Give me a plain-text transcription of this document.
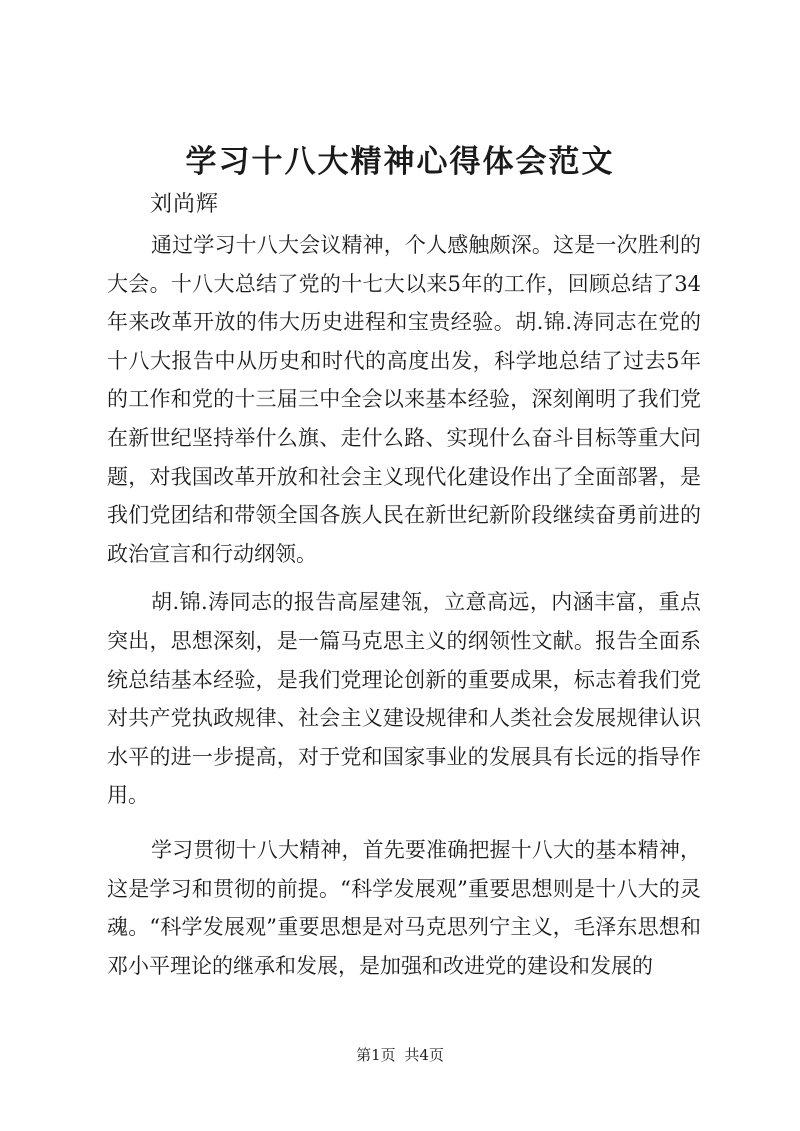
学习十八大精神心得体会范文

刘尚辉

通过学习十八大会议精神，个人感触颇深。这是一次胜利的大会。十八大总结了党的十七大以来5年的工作，回顾总结了34年来改革开放的伟大历史进程和宝贵经验。胡.锦.涛同志在党的十八大报告中从历史和时代的高度出发，科学地总结了过去5年的工作和党的十三届三中全会以来基本经验，深刻阐明了我们党在新世纪坚持举什么旗、走什么路、实现什么奋斗目标等重大问题，对我国改革开放和社会主义现代化建设作出了全面部署，是我们党团结和带领全国各族人民在新世纪新阶段继续奋勇前进的政治宣言和行动纲领。

胡.锦.涛同志的报告高屋建瓴，立意高远，内涵丰富，重点突出，思想深刻，是一篇马克思主义的纲领性文献。报告全面系统总结基本经验，是我们党理论创新的重要成果，标志着我们党对共产党执政规律、社会主义建设规律和人类社会发展规律认识水平的进一步提高，对于党和国家事业的发展具有长远的指导作用。

学习贯彻十八大精神，首先要准确把握十八大的基本精神，这是学习和贯彻的前提。“科学发展观”重要思想则是十八大的灵魂。“科学发展观”重要思想是对马克思列宁主义，毛泽东思想和邓小平理论的继承和发展，是加强和改进党的建设和发展的

第1页 共4页
